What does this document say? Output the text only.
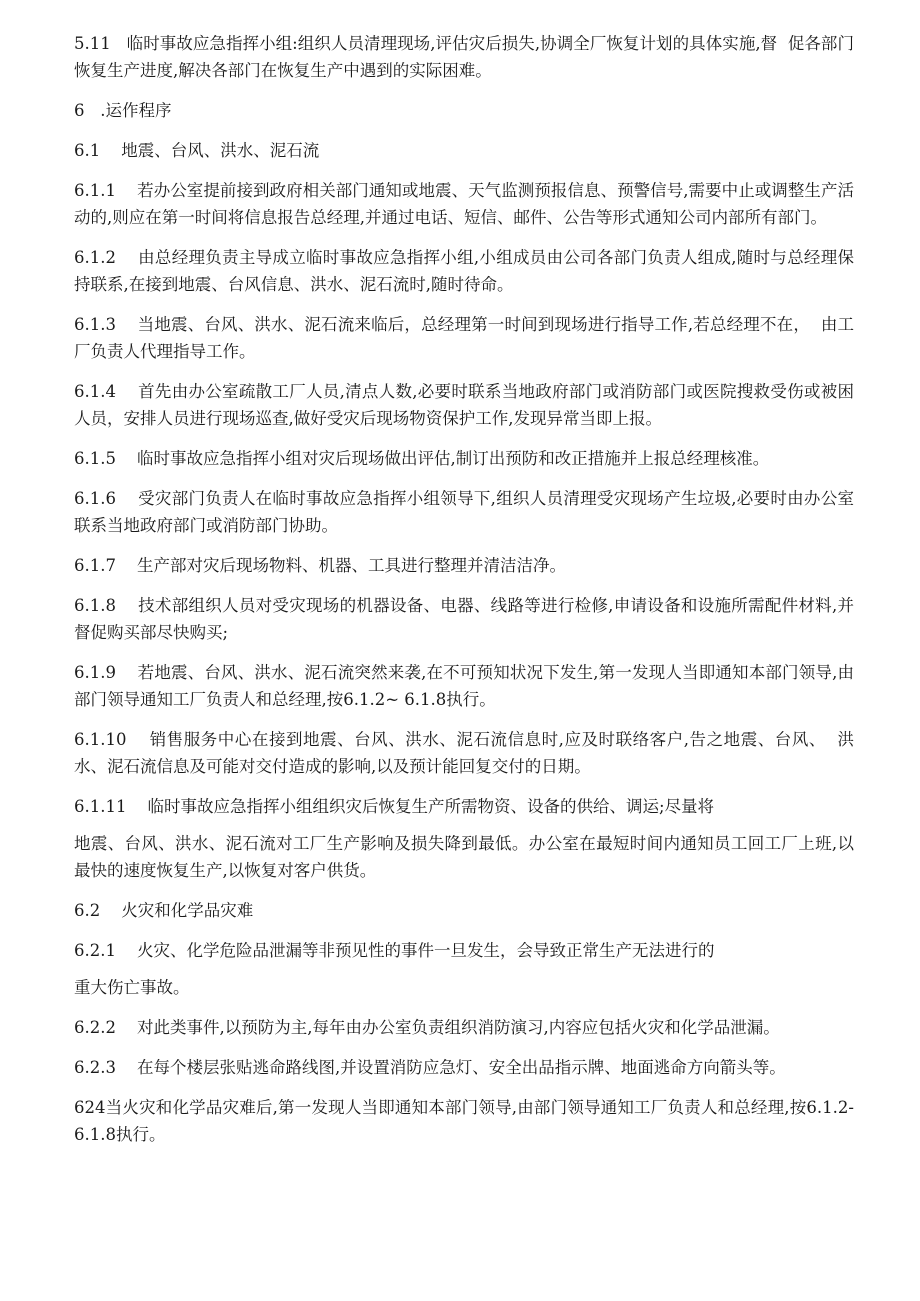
5.11   临时事故应急指挥小组:组织人员清理现场,评估灾后损失,协调全厂恢复计划的具体实施,督  促各部门恢复生产进度,解决各部门在恢复生产中遇到的实际困难。

6   .运作程序

6.1    地震、台风、洪水、泥石流

6.1.1    若办公室提前接到政府相关部门通知或地震、天气监测预报信息、预警信号,需要中止或调整生产活动的,则应在第一时间将信息报告总经理,并通过电话、短信、邮件、公告等形式通知公司内部所有部门。

6.1.2    由总经理负责主导成立临时事故应急指挥小组,小组成员由公司各部门负责人组成,随时与总经理保持联系,在接到地震、台风信息、洪水、泥石流时,随时待命。

6.1.3    当地震、台风、洪水、泥石流来临后，总经理第一时间到现场进行指导工作,若总经理不在，  由工厂负责人代理指导工作。

6.1.4    首先由办公室疏散工厂人员,清点人数,必要时联系当地政府部门或消防部门或医院搜救受伤或被困人员，安排人员进行现场巡查,做好受灾后现场物资保护工作,发现异常当即上报。

6.1.5    临时事故应急指挥小组对灾后现场做出评估,制订出预防和改正措施并上报总经理核准。

6.1.6    受灾部门负责人在临时事故应急指挥小组领导下,组织人员清理受灾现场产生垃圾,必要时由办公室联系当地政府部门或消防部门协助。

6.1.7    生产部对灾后现场物料、机器、工具进行整理并清洁洁净。

6.1.8    技术部组织人员对受灾现场的机器设备、电器、线路等进行检修,申请设备和设施所需配件材料,并督促购买部尽快购买;

6.1.9    若地震、台风、洪水、泥石流突然来袭,在不可预知状况下发生,第一发现人当即通知本部门领导,由部门领导通知工厂负责人和总经理,按6.1.2~ 6.1.8执行。

6.1.10    销售服务中心在接到地震、台风、洪水、泥石流信息时,应及时联络客户,告之地震、台风、  洪水、泥石流信息及可能对交付造成的影响,以及预计能回复交付的日期。

6.1.11    临时事故应急指挥小组组织灾后恢复生产所需物资、设备的供给、调运;尽量将

地震、台风、洪水、泥石流对工厂生产影响及损失降到最低。办公室在最短时间内通知员工回工厂上班,以最快的速度恢复生产,以恢复对客户供货。

6.2    火灾和化学品灾难

6.2.1    火灾、化学危险品泄漏等非预见性的事件一旦发生，会导致正常生产无法进行的

重大伤亡事故。

6.2.2    对此类事件,以预防为主,每年由办公室负责组织消防演习,内容应包括火灾和化学品泄漏。

6.2.3    在每个楼层张贴逃命路线图,并设置消防应急灯、安全出品指示牌、地面逃命方向箭头等。

624当火灾和化学品灾难后,第一发现人当即通知本部门领导,由部门领导通知工厂负责人和总经理,按6.1.2- 6.1.8执行。
